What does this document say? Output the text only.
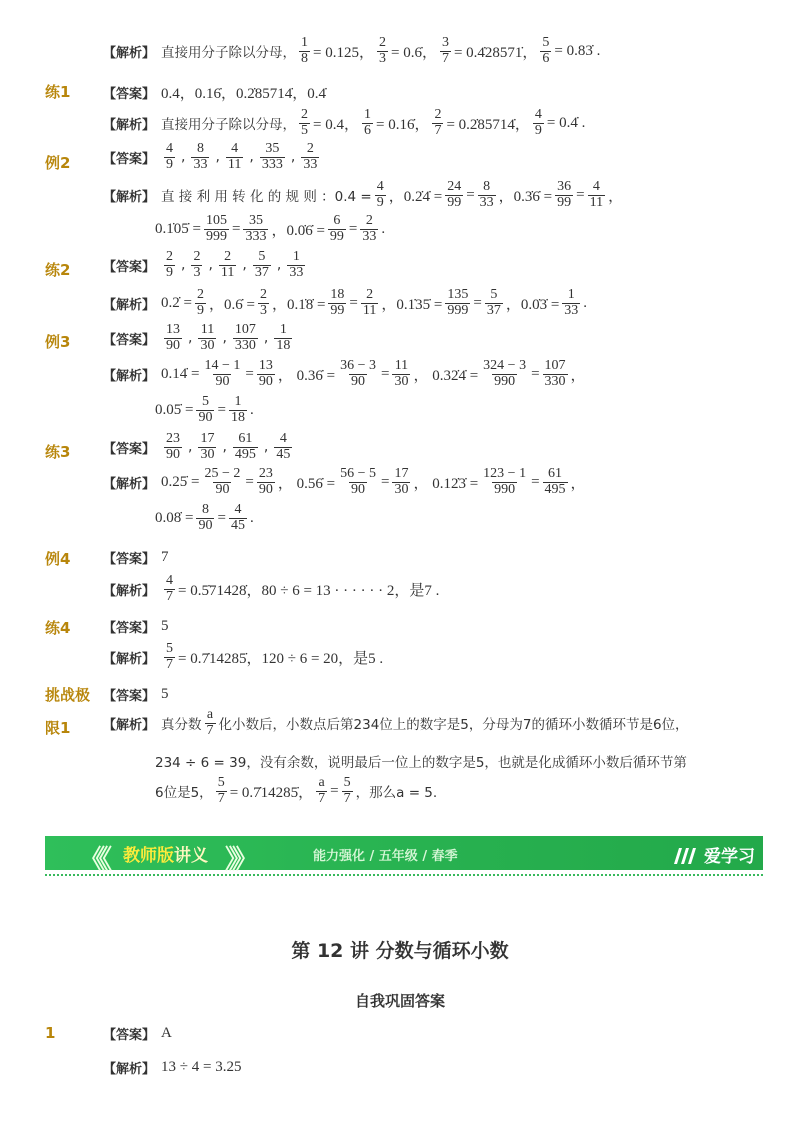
【解析】 直接用分子除以分母， $\frac{1}{8} = 0.125$， $\frac{2}{3}$ = 0.6̇， $\frac{3}{7}$ = 0.4̇28571̇， $\frac{5}{6}$ = 0.83̇ .
练1	【答案】 0.4，0.16̇，0.2̇85714̇，0.4̇
【解析】 直接用分子除以分母， $\frac{2}{5} = 0.4$， $\frac{1}{6}$ = 0.16̇， $\frac{2}{7}$ = 0.2̇85714̇， $\frac{4}{9}$ = 0.4̇ .
例2	【答案】 $\frac{4}{9}$ , $\frac{8}{33}$ , $\frac{4}{11}$ , $\frac{35}{333}$ , $\frac{2}{33}$
【解析】 直 接 利 用 转 化 的 规 则 ：0.4̇ = $\frac{4}{9}$ ，0.2̇4̇ = $\frac{24}{99} = \frac{8}{33}$ ，0.3̇6̇ = $\frac{36}{99} = \frac{4}{11}$ ，
0.1̇05̇ = $\frac{105}{999} = \frac{35}{333}$ ，0.0̇6̇ = $\frac{6}{99} = \frac{2}{33}$ .
练2	【答案】 $\frac{2}{9}$ , $\frac{2}{3}$ , $\frac{2}{11}$ , $\frac{5}{37}$ , $\frac{1}{33}$
【解析】 0.2̇ = $\frac{2}{9}$ ，0.6̇ = $\frac{2}{3}$ ，0.1̇8̇ = $\frac{18}{99} = \frac{2}{11}$ ，0.1̇35̇ = $\frac{135}{999} = \frac{5}{37}$ ，0.0̇3̇ = $\frac{1}{33}$ .
例3	【答案】 $\frac{13}{90}$ , $\frac{11}{30}$ , $\frac{107}{330}$ , $\frac{1}{18}$
【解析】 0.14̇ = $\frac{14 - 1}{90} = \frac{13}{90}$ ， 0.36̇ = $\frac{36 - 3}{90} = \frac{11}{30}$ ， 0.32̇4̇ = $\frac{324 - 3}{990} = \frac{107}{330}$ ，
0.05̇ = $\frac{5}{90} = \frac{1}{18}$ .
练3	【答案】 $\frac{23}{90}$ , $\frac{17}{30}$ , $\frac{61}{495}$ , $\frac{4}{45}$
【解析】 0.25̇ = $\frac{25 - 2}{90} = \frac{23}{90}$ ， 0.56̇ = $\frac{56 - 5}{90} = \frac{17}{30}$ ， 0.12̇3̇ = $\frac{123 - 1}{990} = \frac{61}{495}$ ，
0.08̇ = $\frac{8}{90} = \frac{4}{45}$ .
例4	【答案】 7
【解析】 $\frac{4}{7}$ = 0.5̇71428̇，80 ÷ 6 = 13 · · · · · · 2，是7 .
练4	【答案】 5
【解析】 $\frac{5}{7}$ = 0.7̇14285̇，120 ÷ 6 = 20，是5 .
挑战极 【答案】 5
限1	【解析】 真分数 $\frac{a}{7}$ 化小数后，小数点后第234位上的数字是5，分母为7的循环小数循环节是6位，
234 ÷ 6 = 39，没有余数，说明最后一位上的数字是5，也就是化成循环小数后循环节第
6位是5， $\frac{5}{7}$ = 0.7̇14285̇， $\frac{a}{7} = \frac{5}{7}$ ，那么a = 5.
《《 教师版讲义 》》	能力强化 / 五年级 / 春季	爱学习
第 12 讲 分数与循环小数
自我巩固答案
1	【答案】 A
【解析】 13 ÷ 4 = 3.25
